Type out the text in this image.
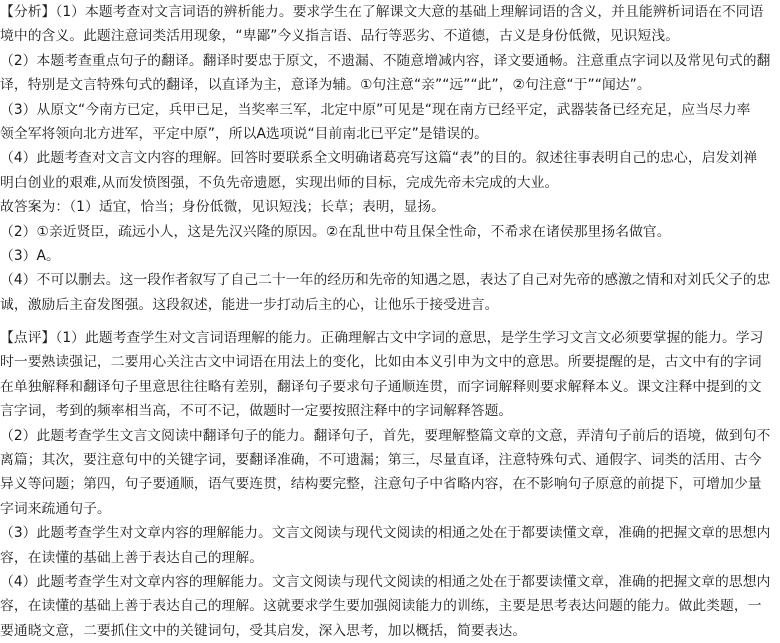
【分析】（1）本题考查对文言词语的辨析能力。要求学生在了解课文大意的基础上理解词语的含义，并且能辨析词语在不同语
境中的含义。此题注意词类活用现象，“卑鄙”今义指言语、品行等恶劣、不道德，古义是身份低微，见识短浅。
（2）本题考查重点句子的翻译。翻译时要忠于原文，不遗漏、不随意增减内容，译文要通畅。注意重点字词以及常见句式的翻
译，特别是文言特殊句式的翻译，以直译为主，意译为辅。①句注意“亲”“远”“此”，②句注意“于”“闻达”。
（3）从原文“今南方已定，兵甲已足，当奖率三军，北定中原”可见是“现在南方已经平定，武器装备已经充足，应当尽力率
领全军将领向北方进军，平定中原”，所以A选项说“目前南北已平定”是错误的。
（4）此题考查对文言文内容的理解。回答时要联系全文明确诸葛亮写这篇“表”的目的。叙述往事表明自己的忠心，启发刘禅
明白创业的艰难,从而发愤图强，不负先帝遗愿，实现出师的目标，完成先帝未完成的大业。
故答案为：（1）适宜，恰当；身份低微，见识短浅；长草；表明，显扬。
（2）①亲近贤臣，疏远小人，这是先汉兴隆的原因。②在乱世中苟且保全性命，不希求在诸侯那里扬名做官。
（3）A。
（4）不可以删去。这一段作者叙写了自己二十一年的经历和先帝的知遇之恩，表达了自己对先帝的感激之情和对刘氏父子的忠
诚，激励后主奋发图强。这段叙述，能进一步打动后主的心，让他乐于接受进言。
【点评】（1）此题考查学生对文言词语理解的能力。正确理解古文中字词的意思，是学生学习文言文必须要掌握的能力。学习
时一要熟读强记，二要用心关注古文中词语在用法上的变化，比如由本义引申为文中的意思。所要提醒的是，古文中有的字词
在单独解释和翻译句子里意思往往略有差别，翻译句子要求句子通顺连贯，而字词解释则要求解释本义。课文注释中提到的文
言字词，考到的频率相当高，不可不记，做题时一定要按照注释中的字词解释答题。
（2）此题考查学生文言文阅读中翻译句子的能力。翻译句子，首先，要理解整篇文章的文意，弄清句子前后的语境，做到句不
离篇；其次，要注意句中的关键字词，要翻译准确，不可遗漏；第三，尽量直译，注意特殊句式、通假字、词类的活用、古今
异义等问题；第四，句子要通顺，语气要连贯，结构要完整，注意句子中省略内容，在不影响句子原意的前提下，可增加少量
字词来疏通句子。
（3）此题考查学生对文章内容的理解能力。文言文阅读与现代文阅读的相通之处在于都要读懂文章，准确的把握文章的思想内
容，在读懂的基础上善于表达自己的理解。
（4）此题考查学生对文章内容的理解能力。文言文阅读与现代文阅读的相通之处在于都要读懂文章，准确的把握文章的思想内
容，在读懂的基础上善于表达自己的理解。这就要求学生要加强阅读能力的训练，主要是思考表达问题的能力。做此类题，一
要通晓文意，二要抓住文中的关键词句，受其启发，深入思考，加以概括，简要表达。
